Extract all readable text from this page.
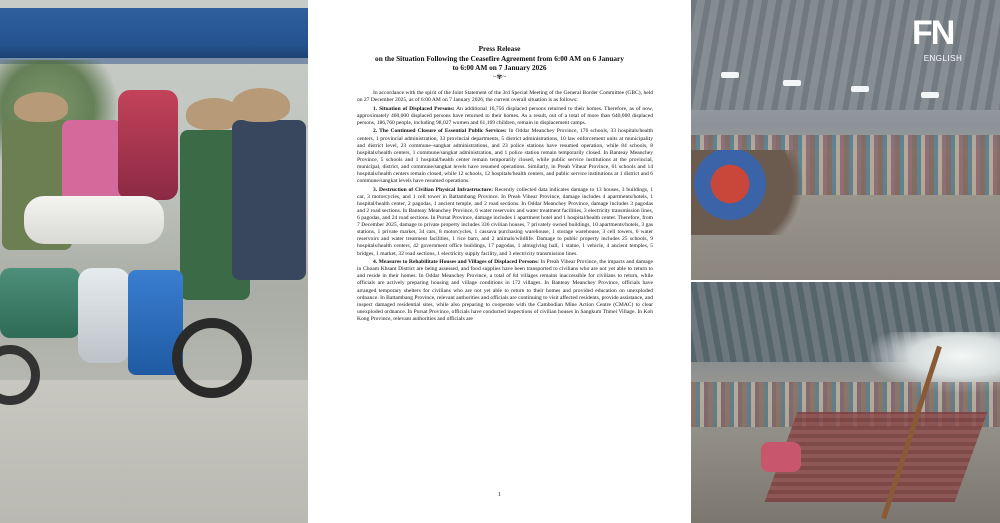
Press Release
on the Situation Following the Ceasefire Agreement from 6:00 AM on 6 January
to 6:00 AM on 7 January 2026
~✾~

In accordance with the spirit of the Joint Statement of the 3rd Special Meeting of the General Border Committee (GBC), held on 27 December 2025, as of 6:00 AM on 7 January 2026, the current overall situation is as follows:

1. Situation of Displaced Persons: An additional 16,756 displaced persons returned to their homes. Therefore, as of now, approximately 460,000 displaced persons have returned to their homes. As a result, out of a total of more than 640,000 displaced persons, 186,760 people, including 98,027 women and 61,169 children, remain in displacement camps.

2. The Continued Closure of Essential Public Services: In Oddar Meanchey Province, 176 schools, 33 hospitals/health centers, 1 provincial administration, 33 provincial departments, 5 district administrations, 10 law enforcement units at municipality and district level, 23 commune–sangkat administrations, and 23 police stations have resumed operation, while 84 schools, 8 hospitals/health centers, 1 commune/sangkat administration, and 1 police station remain temporarily closed. In Banteay Meanchey Province, 5 schools and 1 hospital/health center remain temporarily closed, while public service institutions at the provincial, municipal, district, and commune/sangkat levels have resumed operations. Similarly, in Preah Vihear Province, 61 schools and 14 hospitals/health centers remain closed, while 12 schools, 12 hospitals/health centers, and public service institutions at 1 district and 6 commune/sangkat levels have resumed operations.

3. Destruction of Civilian Physical Infrastructure: Recently collected data indicates damage to 13 houses, 3 buildings, 1 car, 3 motorcycles, and 1 cell tower in Battambang Province. In Preah Vihear Province, damage includes 4 apartments/hotels, 1 hospital/health center, 2 pagodas, 1 ancient temple, and 2 road sections. In Oddar Meanchey Province, damage includes 3 pagodas and 2 road sections. In Banteay Meanchey Province, 6 water reservoirs and water treatment facilities, 3 electricity transmission lines, 6 pagodas, and 24 road sections. In Pursat Province, damage includes 1 apartment hotel and 1 hospital/health center. Therefore, from 7 December 2025, damage to private property includes 336 civilian houses, 7 privately owned buildings, 10 apartments/hotels, 3 gas stations, 1 private market, 34 cars, 8 motorcycles, 1 cassava purchasing warehouse, 1 storage warehouse, 3 cell towers, 6 water reservoirs and water treatment facilities, 1 rice barn, and 2 animals/wildlife. Damage to public property includes 25 schools, 9 hospitals/health centers, 42 government office buildings, 17 pagodas, 1 almsgiving hall, 1 statue, 1 vehicle, 4 ancient temples, 5 bridges, 1 market, 32 road sections, 1 electricity supply facility, and 3 electricity transmission lines.

4. Measures to Rehabilitate Houses and Villages of Displaced Persons: In Preah Vihear Province, the impacts and damage in Choam Khsant District are being assessed, and food supplies have been transported to civilians who are not yet able to return to and reside in their homes. In Oddar Meanchey Province, a total of 84 villages remains inaccessible for civilians to return, while officials are actively preparing housing and village conditions in 172 villages. In Banteay Meanchey Province, officials have arranged temporary shelters for civilians who are not yet able to return to their homes and provided education on unexploded ordnance. In Battambang Province, relevant authorities and officials are continuing to visit affected residents, provide assistance, and inspect damaged residential sites, while also preparing to cooperate with the Cambodian Mine Action Centre (CMAC) to clear unexploded ordnance. In Pursat Province, officials have conducted inspections of civilian houses in Sangkum Thmei Village. In Koh Kong Province, relevant authorities and officials are

1
FN
ENGLISH
